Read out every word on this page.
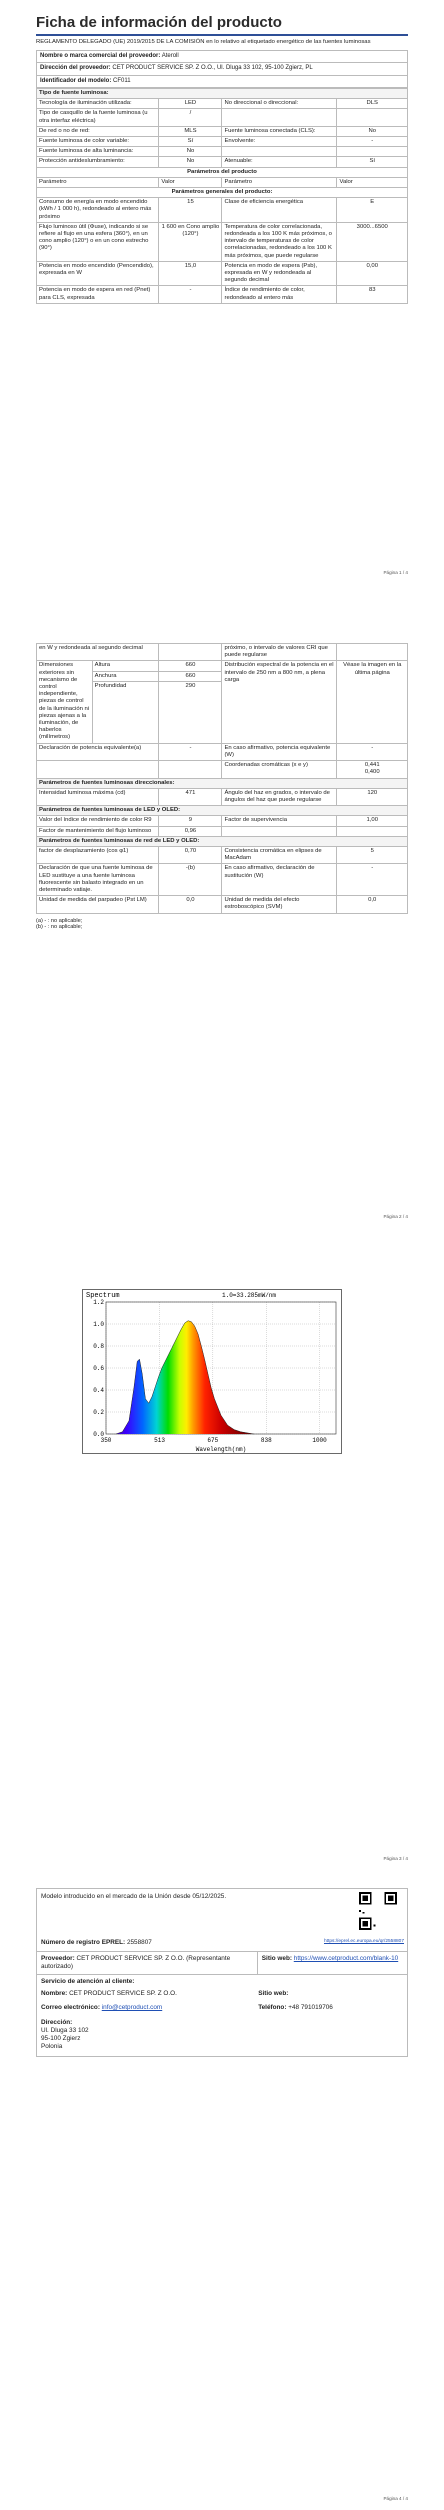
Ficha de información del producto
REGLAMENTO DELEGADO (UE) 2019/2015 DE LA COMISIÓN en lo relativo al etiquetado energético de las fuentes luminosas
Nombre o marca comercial del proveedor: Ateroll
Dirección del proveedor: CET PRODUCT SERVICE SP. Z O.O., Ul. Dluga 33 102, 95-100 Zgierz, PL
Identificador del modelo: CF011
Tipo de fuente luminosa:			
Tecnología de iluminación utilizada:	LED	No direccional o direccional:	DLS
Tipo de casquillo de la fuente luminosa (u otra interfaz eléctrica)	/		
De red o no de red:	MLS	Fuente luminosa conectada (CLS):	No
Fuente luminosa de color variable:	Sí	Envolvente:	-
Fuente luminosa de alta luminancia:	No		
Protección antideslumbramiento:	No	Atenuable:	Sí
Parámetros del producto			
Parámetro	Valor	Parámetro	Valor
Parámetros generales del producto:			
Consumo de energía en modo encendido (kWh / 1 000 h), redondeado al entero más próximo	15	Clase de eficiencia energética	E
Flujo luminoso útil (Φuse), indicando si se refiere al flujo en una esfera (360°), en un cono amplio (120°) o en un cono estrecho (90°)	1 600 en Cono amplio (120°)	Temperatura de color correlacionada, redondeada a los 100 K más próximos, o intervalo de temperaturas de color correlacionadas, redondeado a los 100 K más próximos, que puede regularse	3000...6500
Potencia en modo encendido (Pencendido), expresada en W	15,0	Potencia en modo de espera (Psb), expresada en W y redondeada al segundo decimal	0,00
Potencia en modo de espera en red (Pnet) para CLS, expresada	-	Índice de rendimiento de color, redondeado al entero más	83
Página 1 / 4
en W y redondeada al segundo decimal			próximo, o intervalo de valores CRI que puede regularse	
Dimensiones exteriores sin mecanismo de control independiente, piezas de control de la iluminación ni piezas ajenas a la iluminación, de haberlos (milímetros)	Altura	660	Distribución espectral de la potencia en el intervalo de 250 nm a 800 nm, a plena carga	Véase la imagen en la última página
	Anchura	660		
	Profundidad	290		
Declaración de potencia equivalente(a)		-	En caso afirmativo, potencia equivalente (W)	-
			Coordenadas cromáticas (x e y)	0,441
0,400
Parámetros de fuentes luminosas direccionales:				
Intensidad luminosa máxima (cd)		471	Ángulo del haz en grados, o intervalo de ángulos del haz que puede regularse	120
Parámetros de fuentes luminosas de LED y OLED:				
Valor del índice de rendimiento de color R9		9	Factor de supervivencia	1,00
Factor de mantenimiento del flujo luminoso		0,96		
Parámetros de fuentes luminosas de red de LED y OLED:				
factor de desplazamiento (cos φ1)		0,70	Consistencia cromática en elipses de MacAdam	5
Declaración de que una fuente luminosa de LED sustituye a una fuente luminosa fluorescente sin balasto integrado en un determinado vatiaje.		-(b)	En caso afirmativo, declaración de sustitución (W)	-
Unidad de medida del parpadeo (Pst LM)		0,0	Unidad de medida del efecto estroboscópico (SVM)	0,0
(a) - : no aplicable;
(b) - : no aplicable;
Página 2 / 4
Spectrum	1.0=33.285mW/nm
Wavelength(nm)
0.0
0.2
0.4
0.6
0.8
1.0
1.2
350	513	675	838	1000
Página 3 / 4
Modelo introducido en el mercado de la Unión desde 05/12/2025.
Número de registro EPREL: 2558807	https://eprel.ec.europa.eu/qr/2558807
Proveedor: CET PRODUCT SERVICE SP. Z O.O. (Representante autorizado)
Sitio web: https://www.cetproduct.com/blank-10
Servicio de atención al cliente:
Nombre: CET PRODUCT SERVICE SP. Z O.O.	Sitio web:
Correo electrónico: info@cetproduct.com	Teléfono: +48 791019706
Dirección:
Ul. Dluga 33 102
95-100 Zgierz
Polonia
Página 4 / 4
